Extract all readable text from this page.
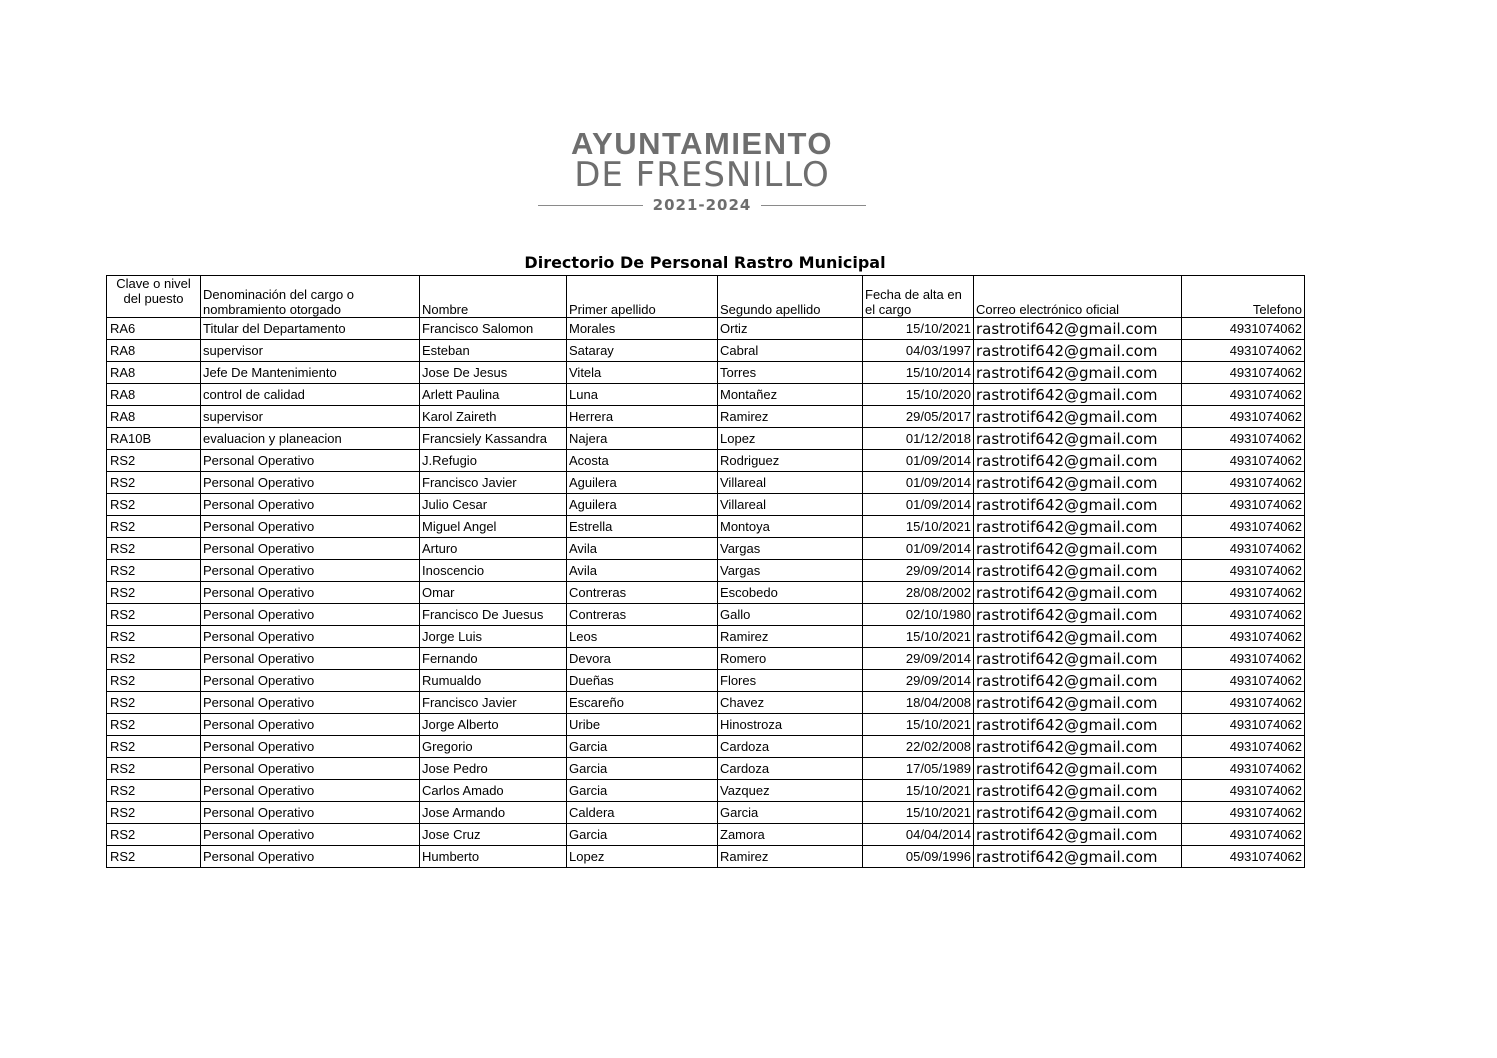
AYUNTAMIENTO
DE FRESNILLO
2021-2024
Directorio De Personal Rastro Municipal
Clave o nivel del puesto	Denominación del cargo o nombramiento otorgado	Nombre	Primer apellido	Segundo apellido	Fecha de alta en el cargo	Correo electrónico oficial	Telefono
RA6	Titular del Departamento	Francisco Salomon	Morales	Ortiz	15/10/2021	rastrotif642@gmail.com	4931074062
RA8	supervisor	Esteban	Sataray	Cabral	04/03/1997	rastrotif642@gmail.com	4931074062
RA8	Jefe De Mantenimiento	Jose De Jesus	Vitela	Torres	15/10/2014	rastrotif642@gmail.com	4931074062
RA8	control de calidad	Arlett Paulina	Luna	Montañez	15/10/2020	rastrotif642@gmail.com	4931074062
RA8	supervisor	Karol Zaireth	Herrera	Ramirez	29/05/2017	rastrotif642@gmail.com	4931074062
RA10B	evaluacion y planeacion	Francsiely Kassandra	Najera	Lopez	01/12/2018	rastrotif642@gmail.com	4931074062
RS2	Personal Operativo	J.Refugio	Acosta	Rodriguez	01/09/2014	rastrotif642@gmail.com	4931074062
RS2	Personal Operativo	Francisco Javier	Aguilera	Villareal	01/09/2014	rastrotif642@gmail.com	4931074062
RS2	Personal Operativo	Julio Cesar	Aguilera	Villareal	01/09/2014	rastrotif642@gmail.com	4931074062
RS2	Personal Operativo	Miguel Angel	Estrella	Montoya	15/10/2021	rastrotif642@gmail.com	4931074062
RS2	Personal Operativo	Arturo	Avila	Vargas	01/09/2014	rastrotif642@gmail.com	4931074062
RS2	Personal Operativo	Inoscencio	Avila	Vargas	29/09/2014	rastrotif642@gmail.com	4931074062
RS2	Personal Operativo	Omar	Contreras	Escobedo	28/08/2002	rastrotif642@gmail.com	4931074062
RS2	Personal Operativo	Francisco De Juesus	Contreras	Gallo	02/10/1980	rastrotif642@gmail.com	4931074062
RS2	Personal Operativo	Jorge Luis	Leos	Ramirez	15/10/2021	rastrotif642@gmail.com	4931074062
RS2	Personal Operativo	Fernando	Devora	Romero	29/09/2014	rastrotif642@gmail.com	4931074062
RS2	Personal Operativo	Rumualdo	Dueñas	Flores	29/09/2014	rastrotif642@gmail.com	4931074062
RS2	Personal Operativo	Francisco Javier	Escareño	Chavez	18/04/2008	rastrotif642@gmail.com	4931074062
RS2	Personal Operativo	Jorge Alberto	Uribe	Hinostroza	15/10/2021	rastrotif642@gmail.com	4931074062
RS2	Personal Operativo	Gregorio	Garcia	Cardoza	22/02/2008	rastrotif642@gmail.com	4931074062
RS2	Personal Operativo	Jose Pedro	Garcia	Cardoza	17/05/1989	rastrotif642@gmail.com	4931074062
RS2	Personal Operativo	Carlos Amado	Garcia	Vazquez	15/10/2021	rastrotif642@gmail.com	4931074062
RS2	Personal Operativo	Jose Armando	Caldera	Garcia	15/10/2021	rastrotif642@gmail.com	4931074062
RS2	Personal Operativo	Jose Cruz	Garcia	Zamora	04/04/2014	rastrotif642@gmail.com	4931074062
RS2	Personal Operativo	Humberto	Lopez	Ramirez	05/09/1996	rastrotif642@gmail.com	4931074062
